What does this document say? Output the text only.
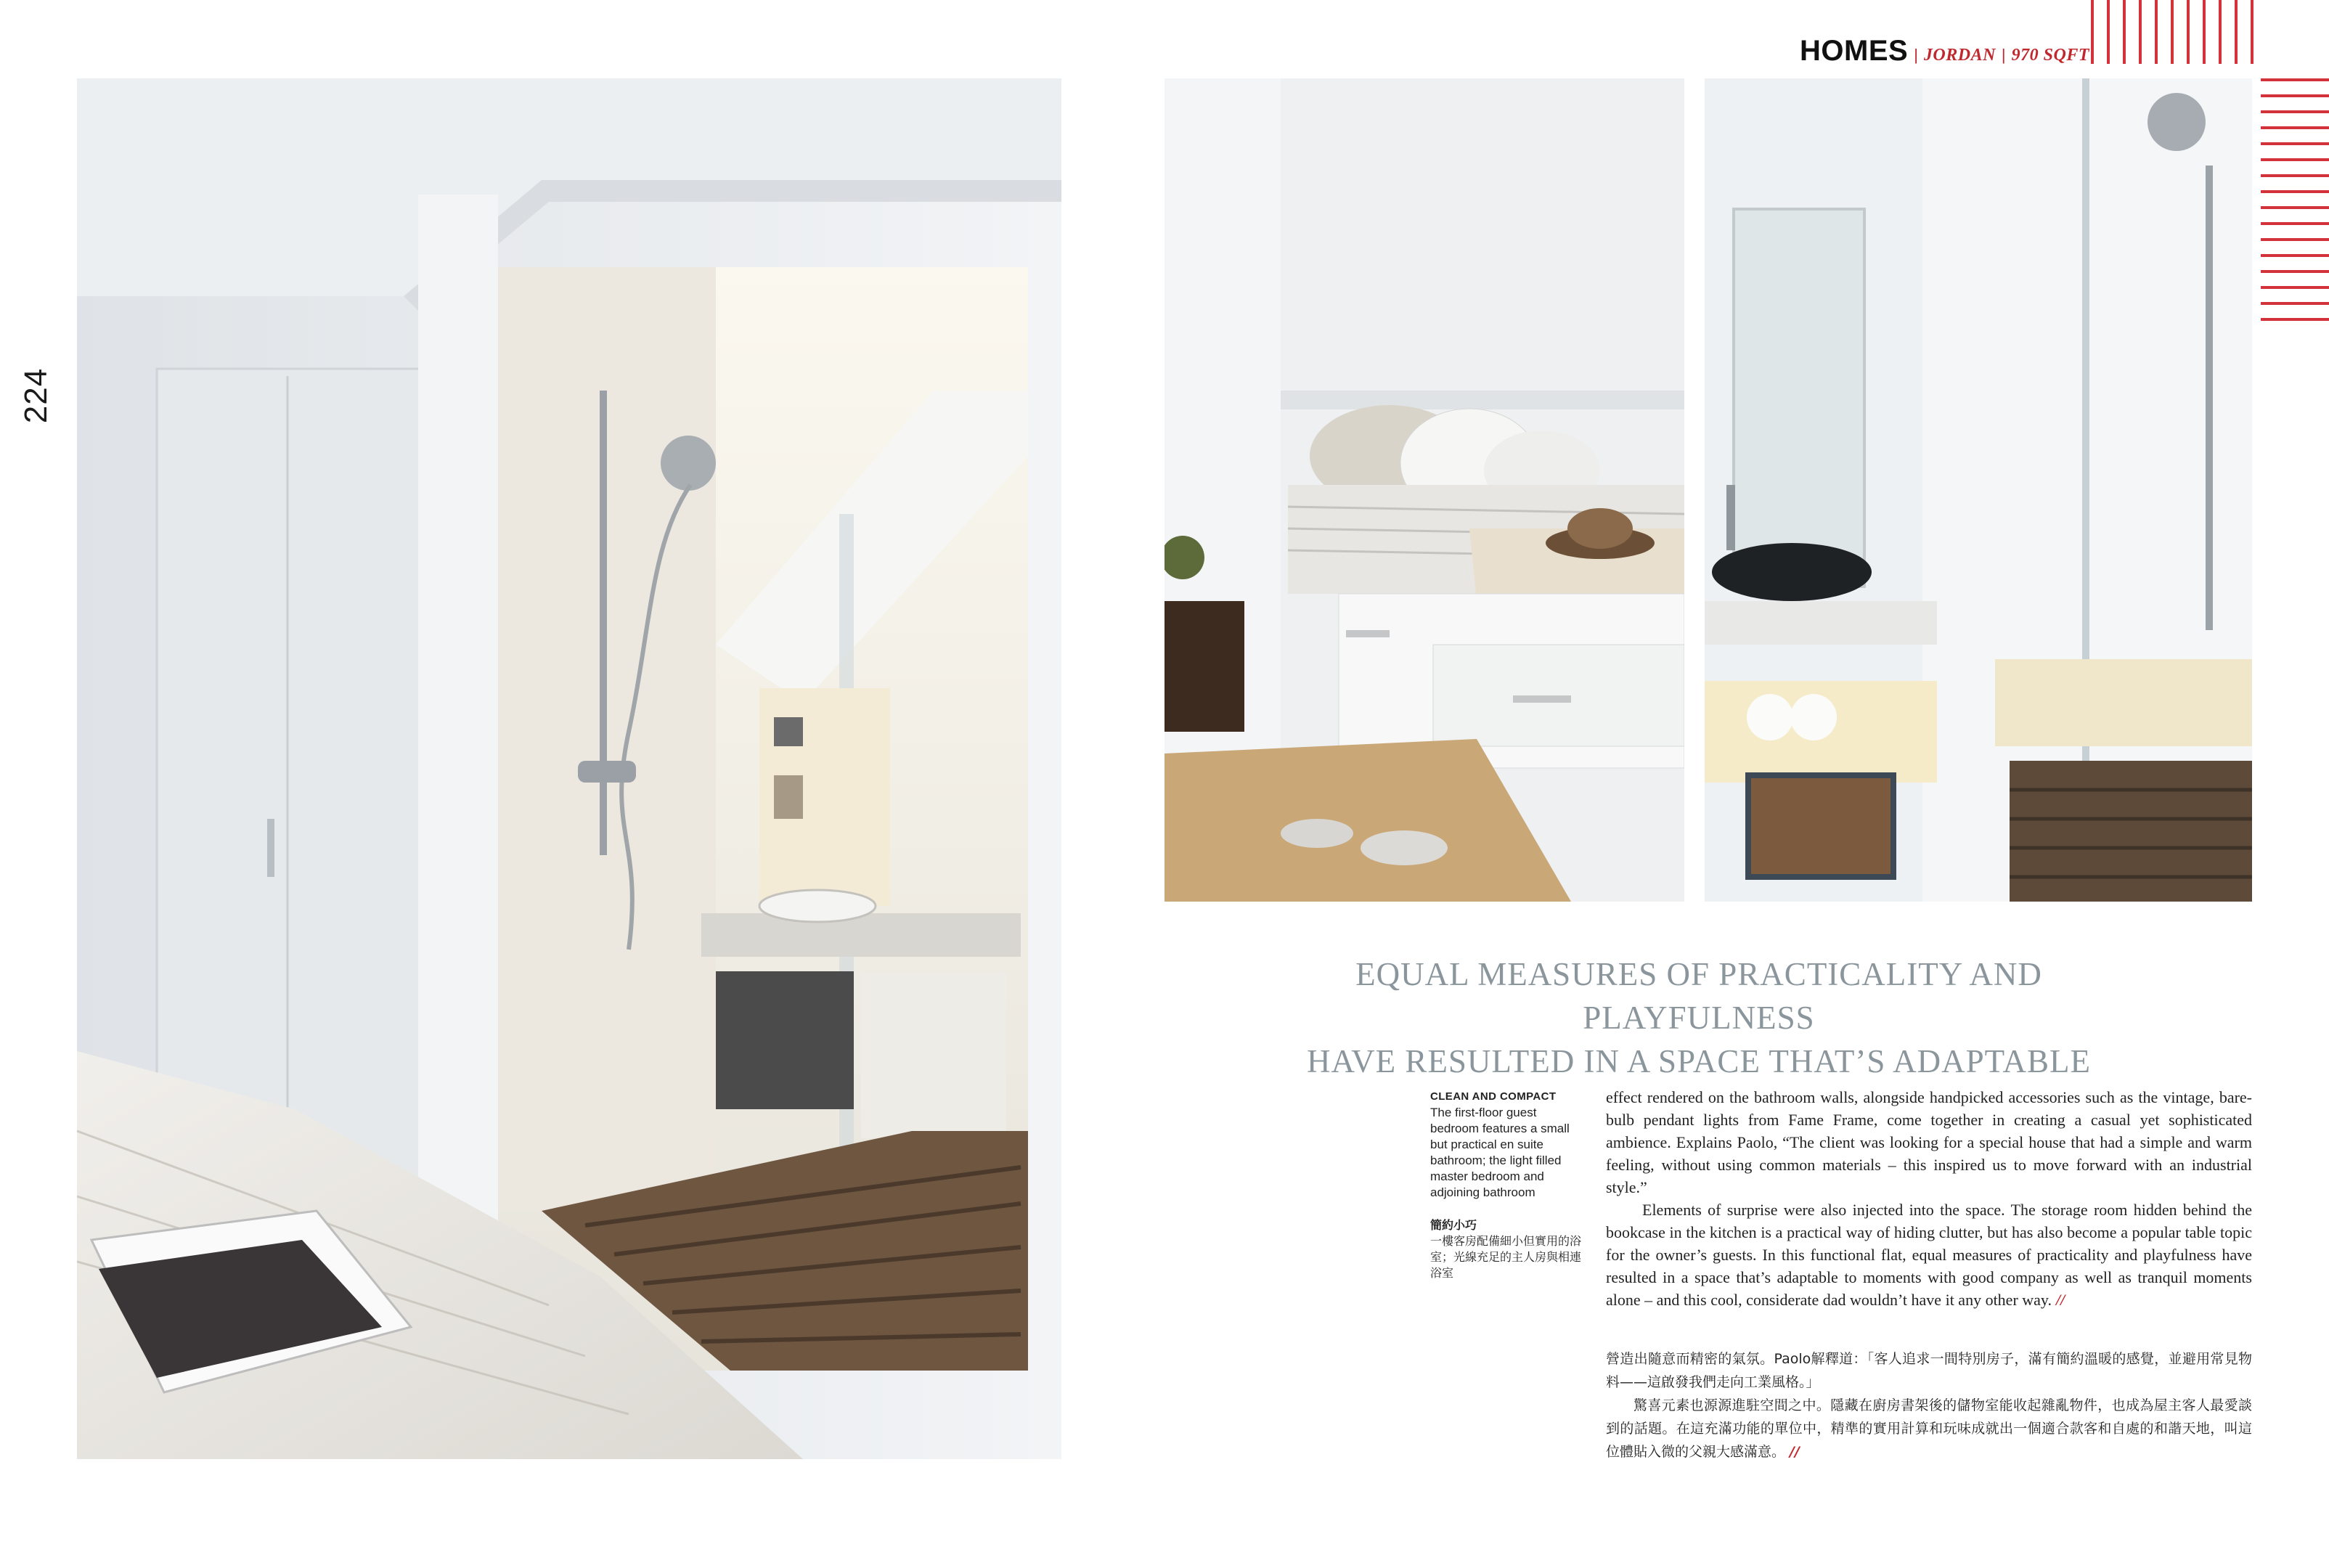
224
HOMES | JORDAN | 970 SQFT
EQUAL MEASURES OF PRACTICALITY AND PLAYFULNESS
HAVE RESULTED IN A SPACE THAT’S ADAPTABLE
CLEAN AND COMPACT
The first-floor guest bedroom features a small but practical en suite bathroom; the light filled master bedroom and adjoining bathroom
簡約小巧
一樓客房配備細小但實用的浴室；光線充足的主人房與相連浴室

effect rendered on the bathroom walls, alongside handpicked accessories such as the vintage, bare-bulb pendant lights from Fame Frame, come together in creating a casual yet sophisticated ambience. Explains Paolo, “The client was looking for a special house that had a simple and warm feeling, without using common materials – this inspired us to move forward with an industrial style.”

Elements of surprise were also injected into the space. The storage room hidden behind the bookcase in the kitchen is a practical way of hiding clutter, but has also become a popular table topic for the owner’s guests. In this functional flat, equal measures of practicality and playfulness have resulted in a space that’s adaptable to moments with good company as well as tranquil moments alone – and this cool, considerate dad wouldn’t have it any other way. //

營造出隨意而精密的氣氛。Paolo解釋道：「客人追求一間特別房子，滿有簡約溫暖的感覺，並避用常見物料——這啟發我們走向工業風格。」

驚喜元素也源源進駐空間之中。隱藏在廚房書架後的儲物室能收起雜亂物件，也成為屋主客人最愛談到的話題。在這充滿功能的單位中，精準的實用計算和玩味成就出一個適合款客和自處的和諧天地，叫這位體貼入微的父親大感滿意。 //
